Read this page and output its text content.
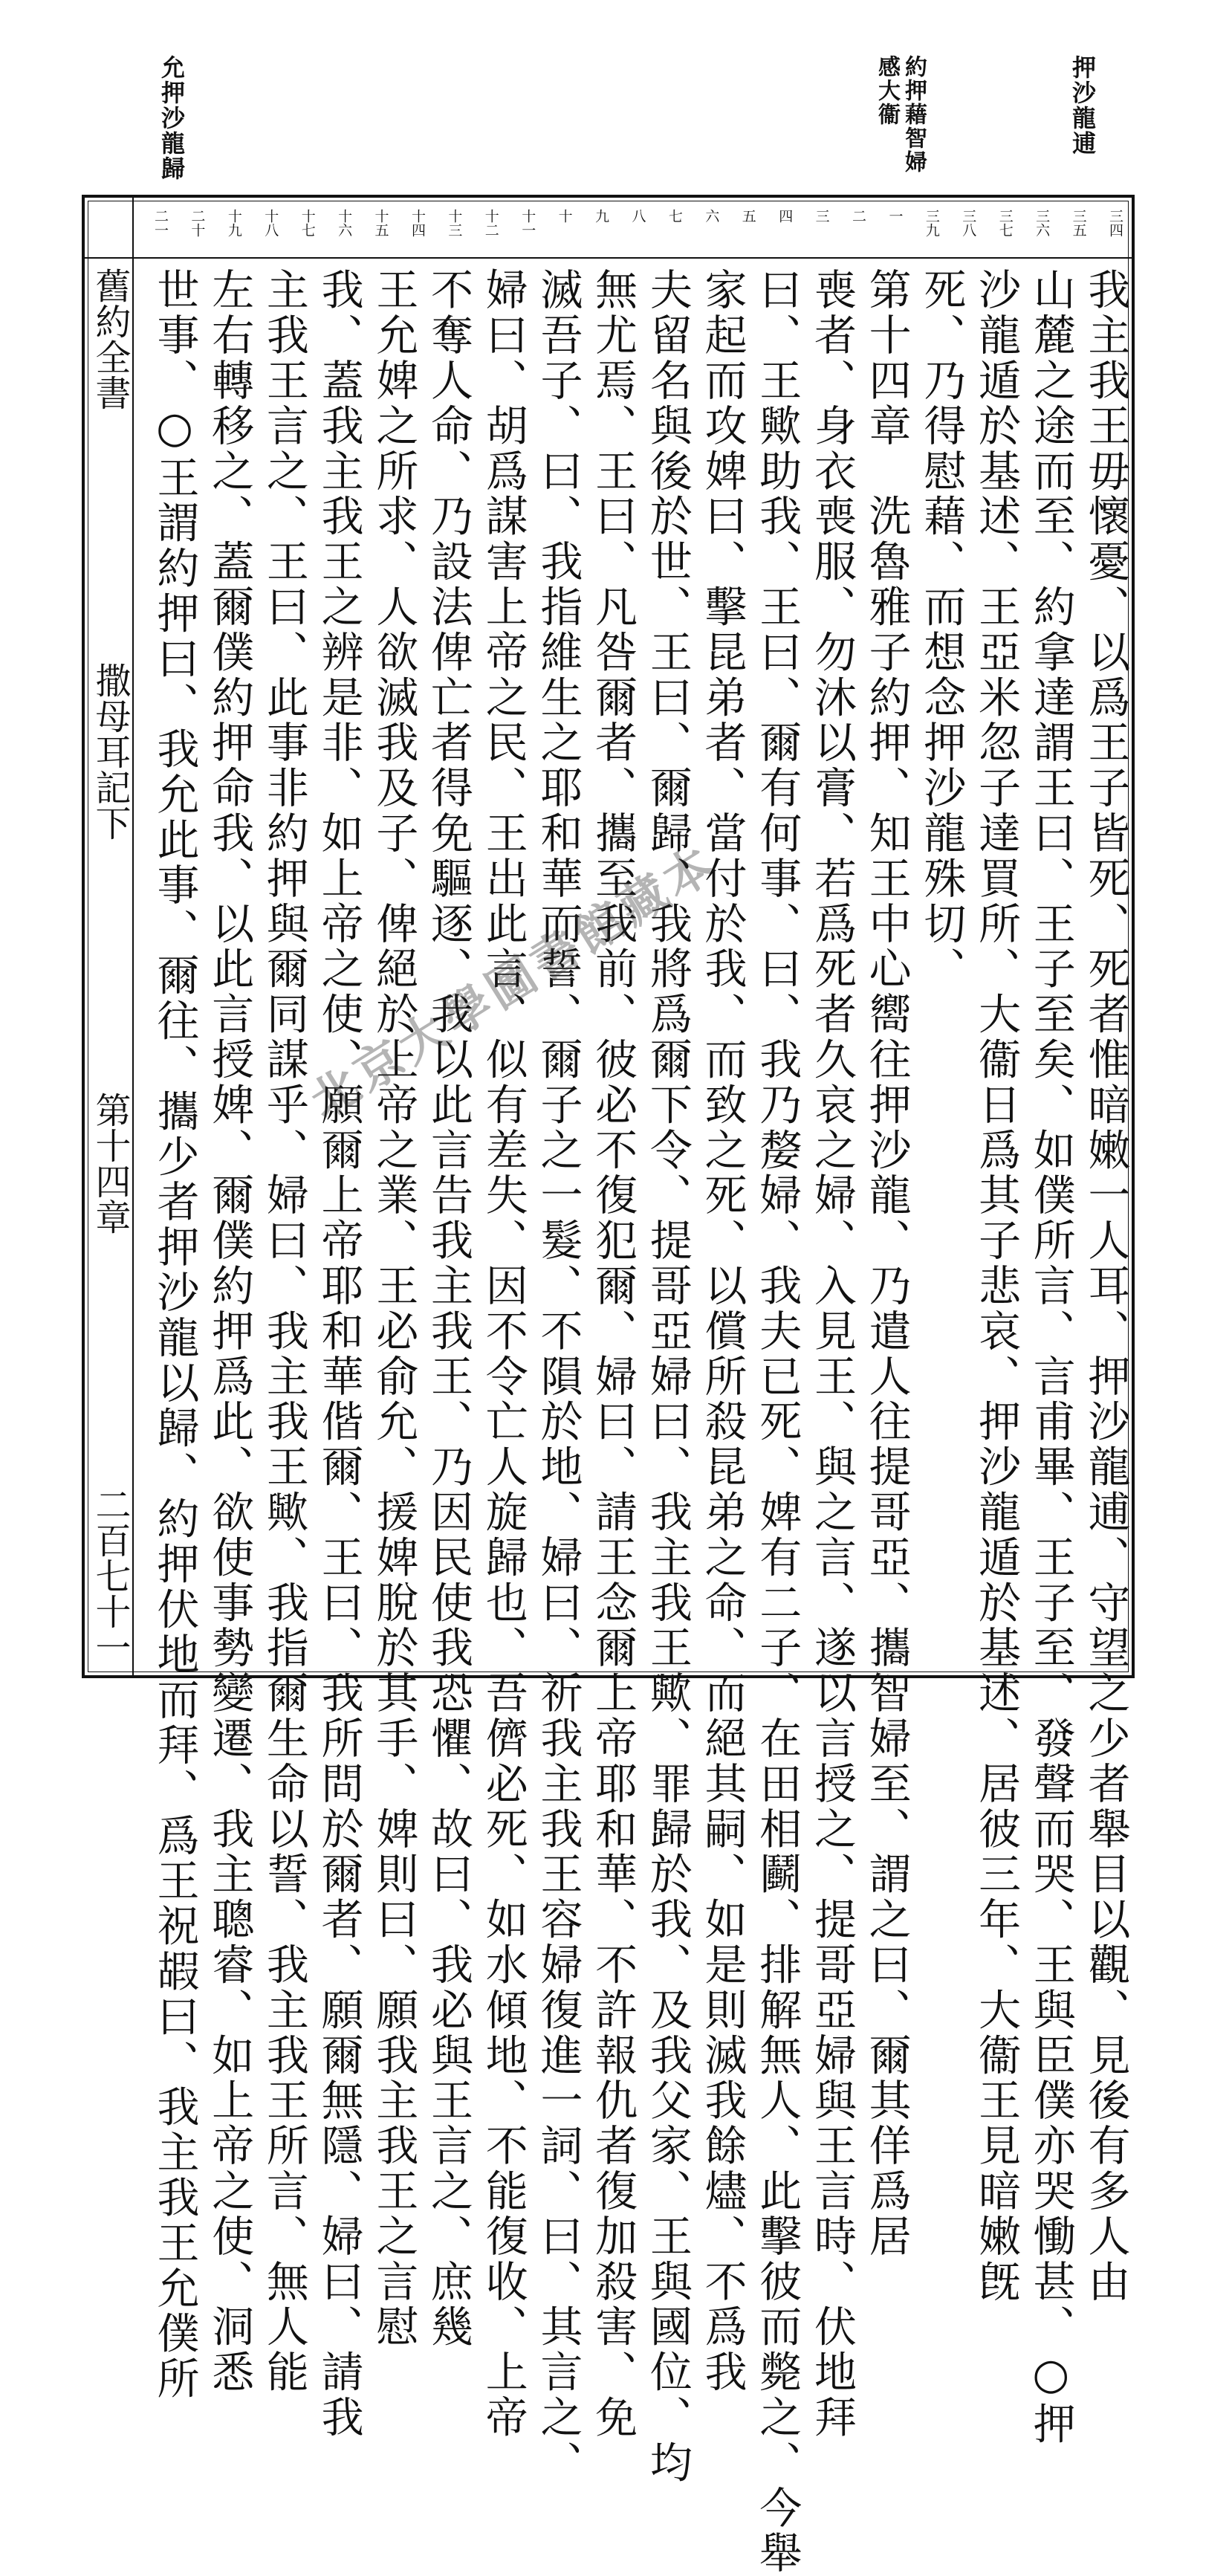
押沙龍逋
約押藉智婦感大衞
允押沙龍歸
三四
三五
三六
三七
三八
三九
一
二
三
四
五
六
七
八
九
十
十一
十二
十三
十四
十五
十六
十七
十八
十九
二十
二一
我主我王毋懷憂、以爲王子皆死、死者惟暗嫩一人耳、押沙龍逋、守望之少者舉目以觀、見後有多人由
山麓之途而至、約拿達謂王曰、王子至矣、如僕所言、言甫畢、王子至、發聲而哭、王與臣僕亦哭慟甚、○押
沙龍遁於基述、王亞米忽子達買所、大衞日爲其子悲哀、押沙龍遁於基述、居彼三年、大衞王見暗嫩旣
死、乃得慰藉、而想念押沙龍殊切、
第十四章　洗魯雅子約押、知王中心嚮往押沙龍、乃遣人往提哥亞、攜智婦至、謂之曰、爾其佯爲居
喪者、身衣喪服、勿沐以膏、若爲死者久哀之婦、入見王、與之言、遂以言授之、提哥亞婦與王言時、伏地拜
曰、王歟助我、王曰、爾有何事、曰、我乃嫠婦、我夫已死、婢有二子、在田相鬬、排解無人、此擊彼而斃之、今舉
家起而攻婢曰、擊昆弟者、當付於我、而致之死、以償所殺昆弟之命、而絕其嗣、如是則滅我餘燼、不爲我
夫留名與後於世、王曰、爾歸、我將爲爾下令、提哥亞婦曰、我主我王歟、罪歸於我、及我父家、王與國位、均
無尤焉、王曰、凡咎爾者、攜至我前、彼必不復犯爾、婦曰、請王念爾上帝耶和華、不許報仇者復加殺害、免
滅吾子、曰、我指維生之耶和華而誓、爾子之一髮、不隕於地、婦曰、祈我主我王容婦復進一詞、曰、其言之、
婦曰、胡爲謀害上帝之民、王出此言、似有差失、因不令亡人旋歸也、吾儕必死、如水傾地、不能復收、上帝
不奪人命、乃設法俾亡者得免驅逐、我以此言告我主我王、乃因民使我恐懼、故曰、我必與王言之、庶幾
王允婢之所求、人欲滅我及子、俾絕於上帝之業、王必俞允、援婢脫於其手、婢則曰、願我主我王之言慰
我、蓋我主我王之辨是非、如上帝之使、願爾上帝耶和華偕爾、王曰、我所問於爾者、願爾無隱、婦曰、請我
主我王言之、王曰、此事非約押與爾同謀乎、婦曰、我主我王歟、我指爾生命以誓、我主我王所言、無人能
左右轉移之、蓋爾僕約押命我、以此言授婢、爾僕約押爲此、欲使事勢變遷、我主聰睿、如上帝之使、洞悉
世事、○王謂約押曰、我允此事、爾往、攜少者押沙龍以歸、約押伏地而拜、爲王祝嘏曰、我主我王允僕所
舊約全書
撒母耳記下
第十四章
二百七十一
北京大學圖書館藏本
